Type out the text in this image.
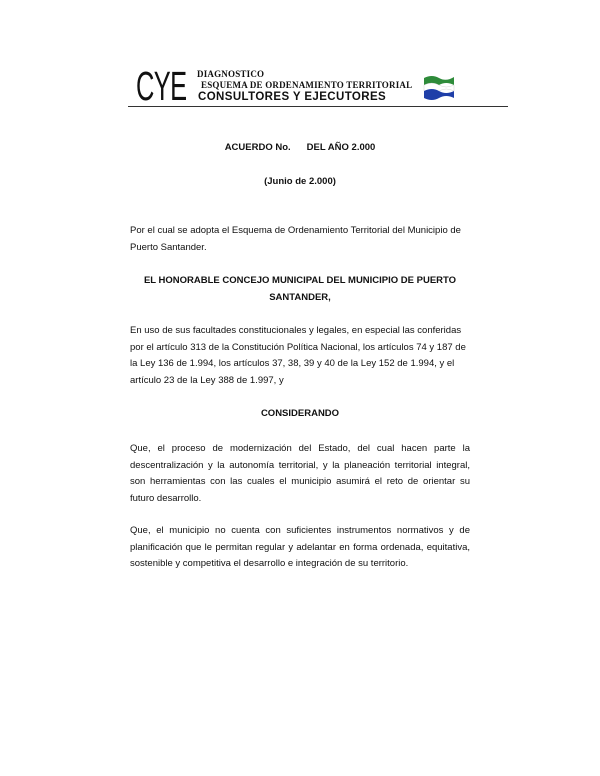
CYE DIAGNOSTICO
ESQUEMA DE ORDENAMIENTO TERRITORIAL
CONSULTORES Y EJECUTORES
ACUERDO No. DEL AÑO 2.000
(Junio de 2.000)
Por el cual se adopta el Esquema de Ordenamiento Territorial del Municipio de Puerto Santander.
EL HONORABLE CONCEJO MUNICIPAL DEL MUNICIPIO DE PUERTO SANTANDER,
En uso de sus facultades constitucionales y legales, en especial las conferidas por el artículo 313 de la Constitución Política Nacional, los artículos 74 y 187 de la Ley 136 de 1.994, los artículos 37, 38, 39 y 40 de la Ley 152 de 1.994, y el artículo 23 de la Ley 388 de 1.997, y
CONSIDERANDO
Que, el proceso de modernización del Estado, del cual hacen parte la descentralización y la autonomía territorial, y la planeación territorial integral, son herramientas con las cuales el municipio asumirá el reto de orientar su futuro desarrollo.
Que, el municipio no cuenta con suficientes instrumentos normativos y de planificación que le permitan regular y adelantar en forma ordenada, equitativa, sostenible y competitiva el desarrollo e integración de su territorio.
